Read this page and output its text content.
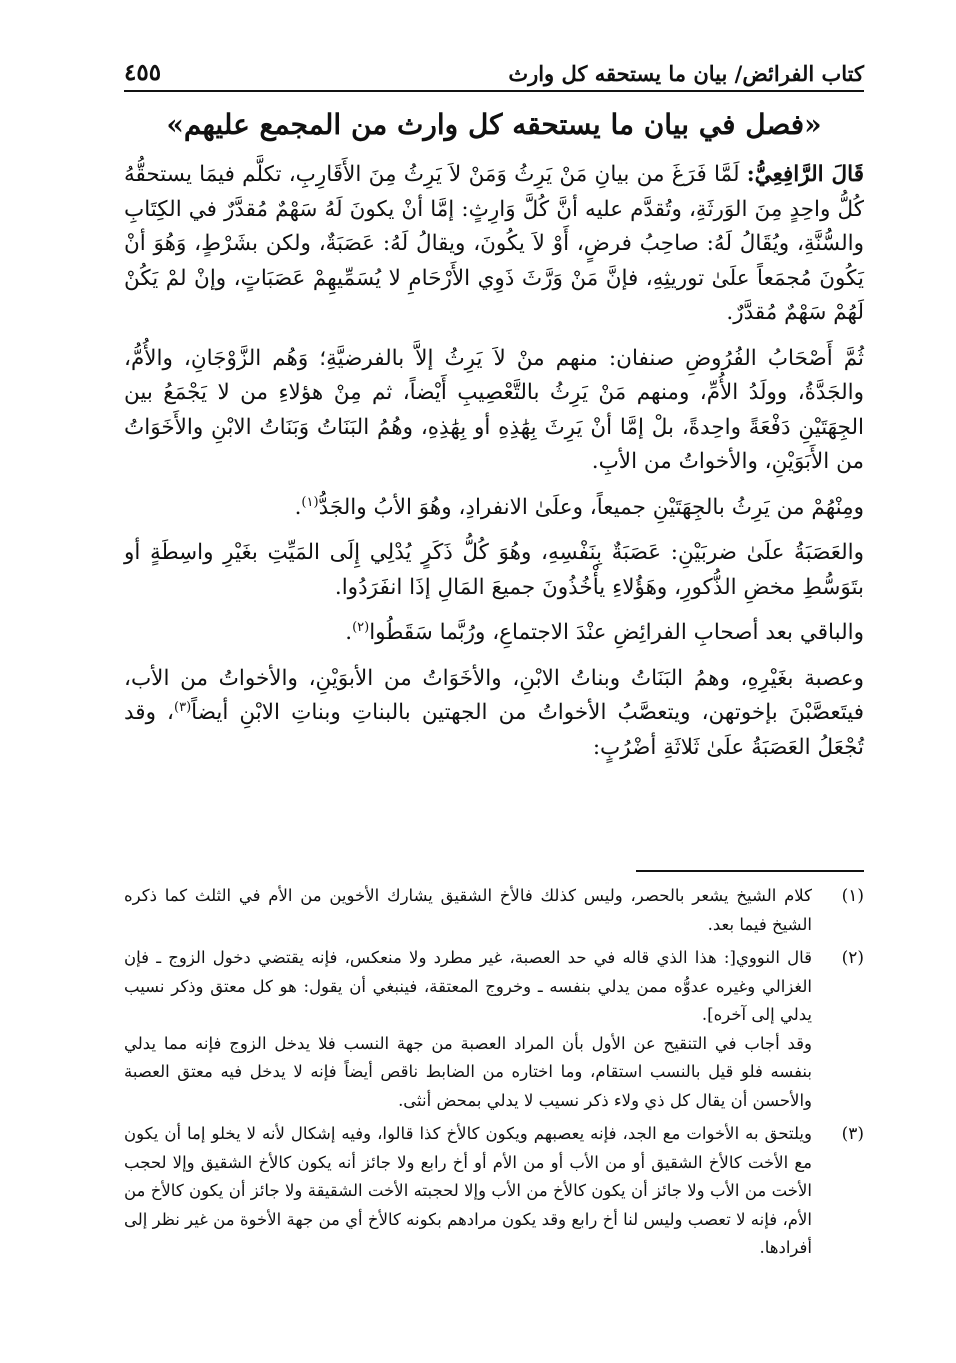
كتاب الفرائض/ بيان ما يستحقه كل وارث
٤٥٥
«فصل في بيان ما يستحقه كل وارث من المجمع عليهم»

قَالَ الرَّافِعِيُّ: لَمَّا فَرَغَ من بيانِ مَنْ يَرِثُ وَمَنْ لاَ يَرِثُ مِنَ الأَقَارِبِ، تكلَّم فيمَا يستحقُّهُ كُلُّ واحِدٍ مِنَ الوَرثَةِ، وتُقدَّم عليه أنَّ كُلَّ وَارِثٍ: إمَّا أنْ يكونَ لَهُ سَهْمٌ مُقدَّرٌ في الكِتَابِ والسُّنَّةِ، ويُقَالُ لَهُ: صاحِبُ فرضٍ، أَوْ لاَ يكُونَ، ويقالُ لَهُ: عَصَبَةٌ، ولكن بشَرْطٍ، وَهُوَ أنْ يَكُونَ مُجمَعاً علَىٰ توريثِهِ، فإنَّ مَنْ وَرَّثَ ذَوِي الأَرْحَامِ لا يُسَمِّيهِمْ عَصَبَاتٍ، وإنْ لمْ يَكُنْ لَهُمْ سَهْمٌ مُقدَّرٌ.

ثُمَّ أَصْحَابُ الفُرُوضِ صنفان: منهم منْ لاَ يَرِثُ إلاَّ بالفرضيَّةِ؛ وَهُم الزَّوْجَانِ، والأُمُّ، والجَدَّةُ، وولَدُ الأُمِّ، ومنهم مَنْ يَرِثُ بالتَّعْصِيبِ أَيْضاً، ثم مِنْ هؤلاءِ من لا يَجْمَعُ بين الجِهَتَيْنِ دَفْعَةً واحِدةً، بلْ إمَّا أنْ يَرِثَ بِهَٰذِهِ أو بِهَٰذِهِ، وهُمُ البَنَاتُ وَبَنَاتُ الابْنِ والأَخَوَاتُ من الأَبَوَيْنِ، والأخواتُ من الأبِ.

ومِنْهُمْ من يَرِثُ بالجِهَتَيْنِ جميعاً، وعلَىٰ الانفرادِ، وهُوَ الأبُ والجَدُّ$^{(١)}$.

والعَصَبَةُ علَىٰ ضربَيْنِ: عَصَبَةٌ بِنَفْسِهِ، وهُوَ كُلُّ ذَكَرٍ يُدْلِي إِلَى المَيِّتِ بغَيْرِ واسِطَةٍ أو بتَوَسُّطِ مخضِ الذُّكورِ، وهَؤُلاءِ يأْخُذُونَ جميعَ المَالِ إذَا انفَرَدُوا.

والباقي بعد أصحابِ الفرائِضِ عنْدَ الاجتماعِ، ورُبَّما سَقَطُوا$^{(٢)}$.

وعصبة بغَيْرِهِ، وهمُ البَنَاتُ وبناتُ الابْنِ، والأخَوَاتُ من الأبوَيْنِ، والأخواتُ من الأب، فيتَعصَّبْنَ بإخوتهن، ويتعصَّبُ الأخواتُ من الجهتين بالبناتِ وبناتِ الابْنِ أيضاً$^{(٣)}$، وقد تُجْعَلُ العَصَبَةُ علَىٰ ثَلاثَةِ أضْرُبٍ:

(١)

كلام الشيخ يشعر بالحصر، وليس كذلك فالأخ الشقيق يشارك الأخوين من الأم في الثلث كما ذكره الشيخ فيما بعد.

(٢)

قال النووي[: هذا الذي قاله في حد العصبة، غير مطرد ولا منعكس، فإنه يقتضي دخول الزوج ـ فإن الغزالي وغيره عدوُّه ممن يدلي بنفسه ـ وخروج المعتقة، فينبغي أن يقول: هو كل معتق وذكر نسيب يدلي إلى آخره].

وقد أجاب في التنقيح عن الأول بأن المراد العصبة من جهة النسب فلا يدخل الزوج فإنه مما يدلي بنفسه فلو قيل بالنسب استقام، وما اختاره من الضابط ناقص أيضاً فإنه لا يدخل فيه معتق العصبة والأحسن أن يقال كل ذي ولاء ذكر نسيب لا يدلي بمحض أنثى.

(٣)

ويلتحق به الأخوات مع الجد، فإنه يعصبهم ويكون كالأخ كذا قالوا، وفيه إشكال لأنه لا يخلو إما أن يكون مع الأخت كالأخ الشقيق أو من الأب أو من الأم أو أخ رابع ولا جائز أنه يكون كالأخ الشقيق وإلا لحجب الأخت من الأب ولا جائز أن يكون كالأخ من الأب وإلا لحجبته الأخت الشقيقة ولا جائز أن يكون كالأخ من الأم، فإنه لا تعصب وليس لنا أخ رابع وقد يكون مرادهم بكونه كالأخ أي من جهة الأخوة من غير نظر إلى أفرادها.
